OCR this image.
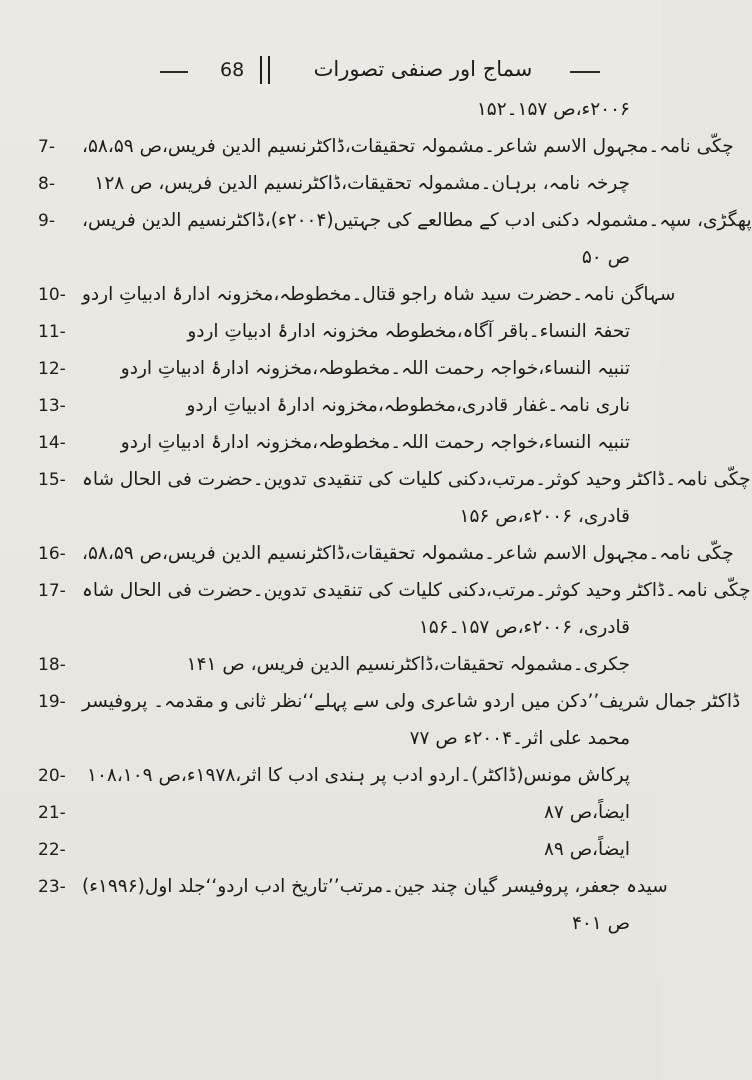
68	سماج اور صنفی تصورات
۲۰۰۶ء،ص ۱۵۷۔۱۵۲
7-	چکّی نامہ۔مجہول الاسم شاعر۔مشمولہ تحقیقات،ڈاکٹرنسیم الدین فریس،ص ۵۸،۵۹،
8-	چرخہ نامہ، برہان۔مشمولہ تحقیقات،ڈاکٹرنسیم الدین فریس، ص ۱۲۸
9-	پھگڑی، سپہ۔مشمولہ دکنی ادب کے مطالعے کی جہتیں(۲۰۰۴ء)،ڈاکٹرنسیم الدین فریس،
ص ۵۰
10- سہاگن نامہ۔حضرت سید شاہ راجو قتال۔مخطوطہ،مخزونہ ادارۂ ادبیاتِ اردو
11-	تحفۃ النساء۔باقر آگاہ،مخطوطہ مخزونہ ادارۂ ادبیاتِ اردو
12-	تنبیہ النساء،خواجہ رحمت اللہ۔مخطوطہ،مخزونہ ادارۂ ادبیاتِ اردو
13-	ناری نامہ۔غفار قادری،مخطوطہ،مخزونہ ادارۂ ادبیاتِ اردو
14-	تنبیہ النساء،خواجہ رحمت اللہ۔مخطوطہ،مخزونہ ادارۂ ادبیاتِ اردو
15- چکّی نامہ۔ڈاکٹر وحید کوثر۔مرتب،دکنی کلیات کی تنقیدی تدوین۔حضرت فی الحال شاہ
قادری، ۲۰۰۶ء،ص ۱۵۶
16- چکّی نامہ۔مجہول الاسم شاعر۔مشمولہ تحقیقات،ڈاکٹرنسیم الدین فریس،ص ۵۸،۵۹،
17- چکّی نامہ۔ڈاکٹر وحید کوثر۔مرتب،دکنی کلیات کی تنقیدی تدوین۔حضرت فی الحال شاہ
قادری، ۲۰۰۶ء،ص ۱۵۷۔۱۵۶
18-	جکری۔مشمولہ تحقیقات،ڈاکٹرنسیم الدین فریس، ص ۱۴۱
19- ڈاکٹر جمال شریف’’دکن میں اردو شاعری ولی سے پہلے‘‘نظر ثانی و مقدمہ۔ پروفیسر
محمد علی اثر۔۲۰۰۴ء ص ۷۷
20-	پرکاش مونس(ڈاکٹر)۔اردو ادب پر ہندی ادب کا اثر،۱۹۷۸ء،ص ۱۰۸،۱۰۹
21-	ایضاً،ص ۸۷
22-	ایضاً،ص ۸۹
23- سیدہ جعفر، پروفیسر گیان چند جین۔مرتب’’تاریخ ادب اردو‘‘جلد اول(۱۹۹۶ء)
ص ۴۰۱
